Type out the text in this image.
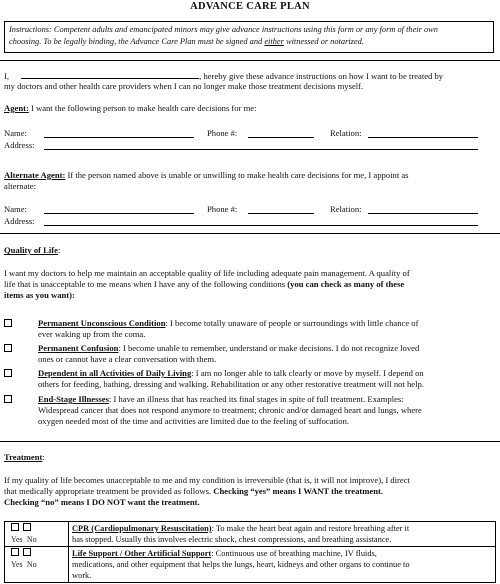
ADVANCE CARE PLAN
Instructions: Competent adults and emancipated minors may give advance instructions using this form or any form of their own
choosing. To be legally binding, the Advance Care Plan must be signed and either witnessed or notarized.
I,	, hereby give these advance instructions on how I want to be treated by
my doctors and other health care providers when I can no longer make those treatment decisions myself.
Agent: I want the following person to make health care decisions for me:
Name:	Phone #:	Relation:
Address:
Alternate Agent: If the person named above is unable or unwilling to make health care decisions for me, I appoint as
alternate:
Name:	Phone #:	Relation:
Address:
Quality of Life:
I want my doctors to help me maintain an acceptable quality of life including adequate pain management. A quality of
life that is unacceptable to me means when I have any of the following conditions (you can check as many of these
items as you want):
Permanent Unconscious Condition: I become totally unaware of people or surroundings with little chance of
ever waking up from the coma.
Permanent Confusion: I become unable to remember, understand or make decisions. I do not recognize loved
ones or cannot have a clear conversation with them.
Dependent in all Activities of Daily Living: I am no longer able to talk clearly or move by myself. I depend on
others for feeding, bathing, dressing and walking. Rehabilitation or any other restorative treatment will not help.
End-Stage Illnesses: I have an illness that has reached its final stages in spite of full treatment. Examples:
Widespread cancer that does not respond anymore to treatment; chronic and/or damaged heart and lungs, where
oxygen needed most of the time and activities are limited due to the feeling of suffocation.
Treatment:
If my quality of life becomes unacceptable to me and my condition is irreversible (that is, it will not improve), I direct
that medically appropriate treatment be provided as follows. Checking “yes” means I WANT the treatment.
Checking “no” means I DO NOT want the treatment.

Yes No	CPR (Cardiopulmonary Resuscitation): To make the heart beat again and restore breathing after it
has stopped. Usually this involves electric shock, chest compressions, and breathing assistance.

Yes No	Life Support / Other Artificial Support: Continuous use of breathing machine, IV fluids,
medications, and other equipment that helps the lungs, heart, kidneys and other organs to continue to
work.
